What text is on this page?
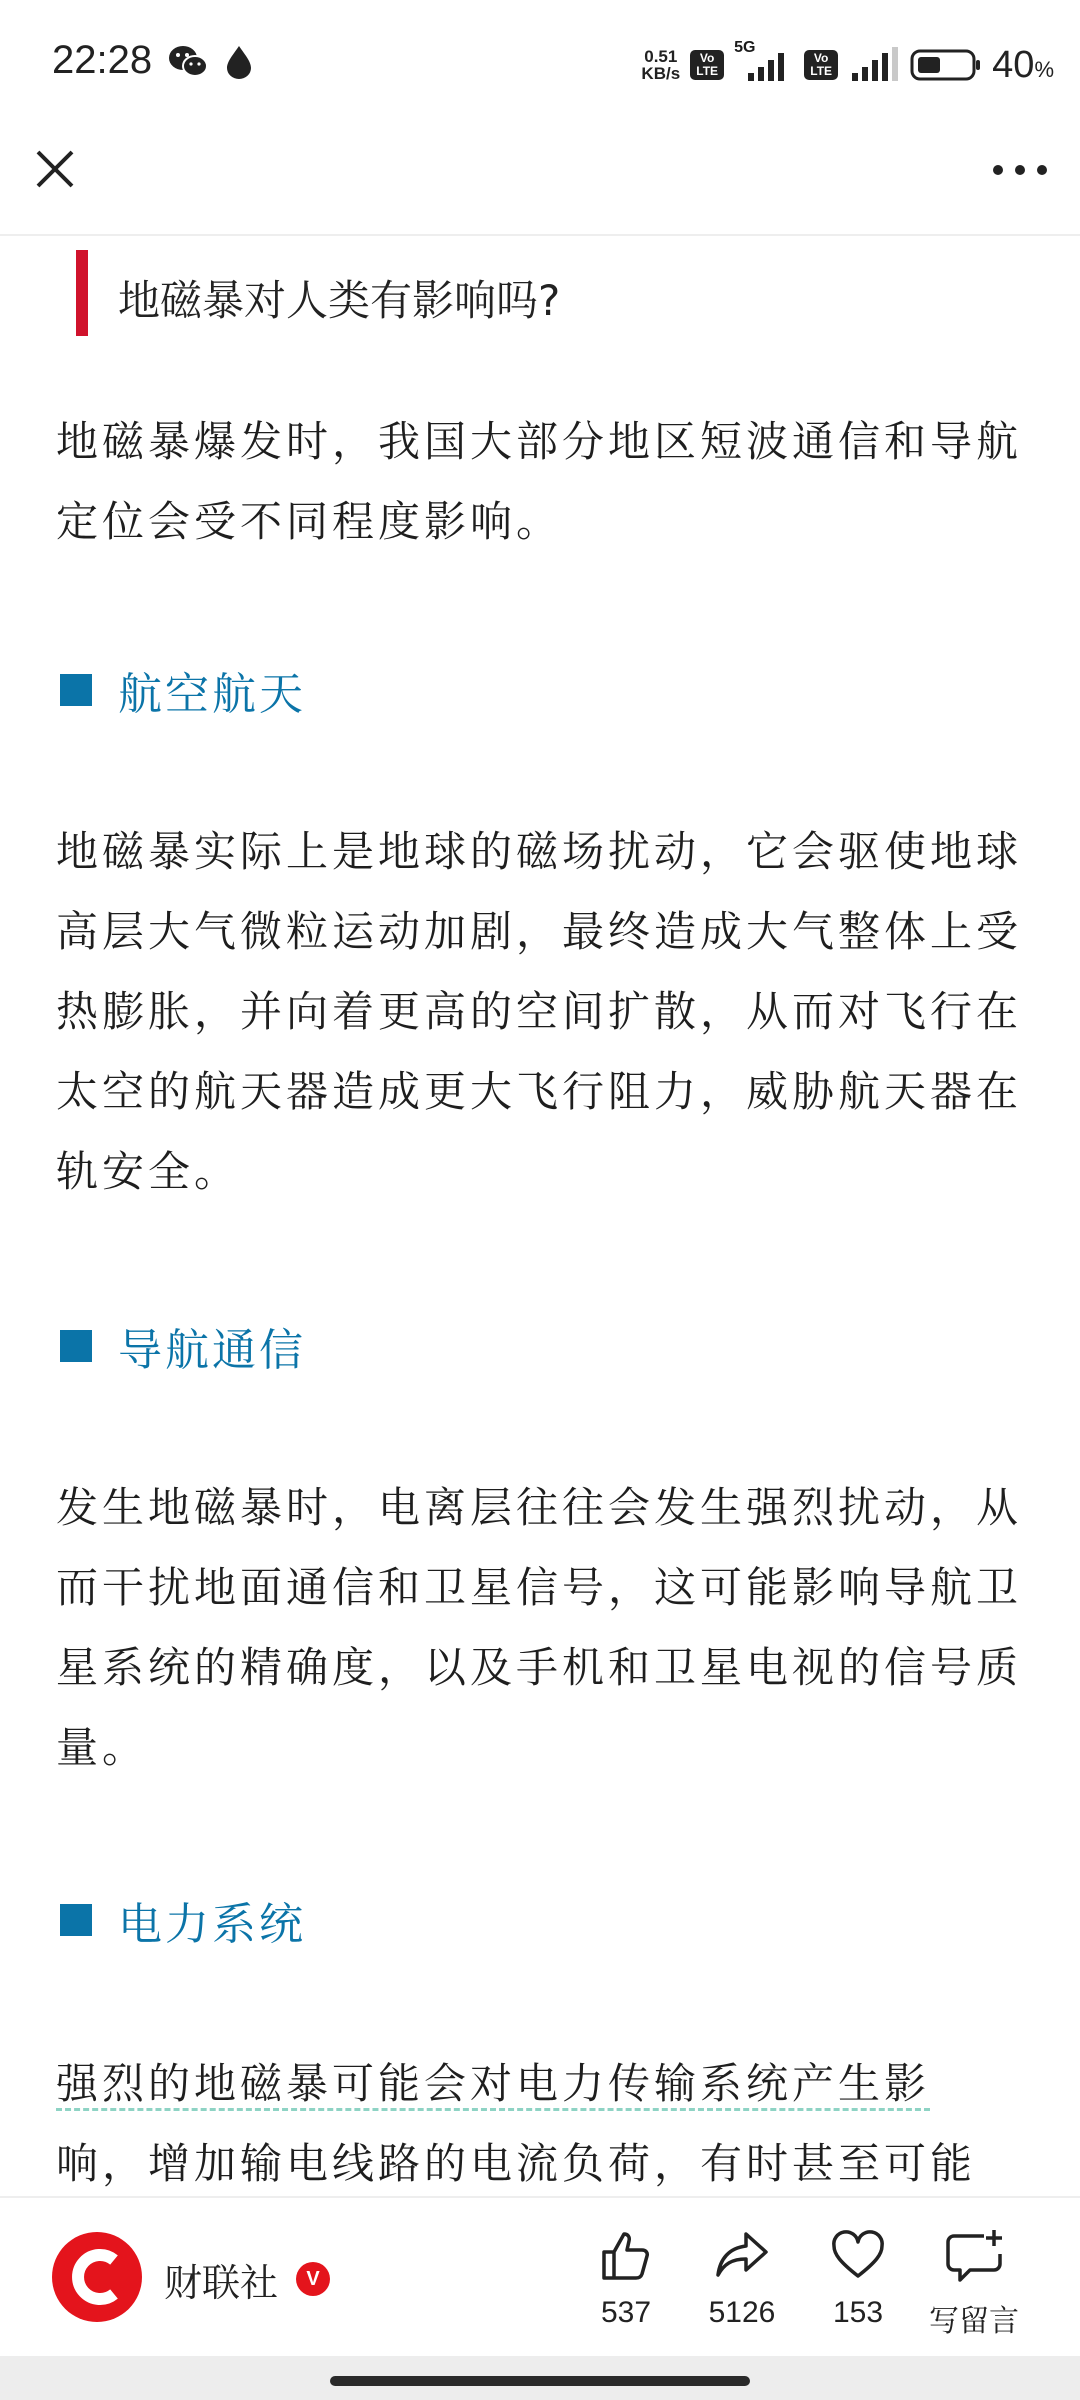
22:28	0.51
KB/s
Vo
LTE
5G
Vo
LTE	40%
地磁暴对人类有影响吗?

地磁暴爆发时，我国大部分地区短波通信和导航定位会受不同程度影响。

航空航天

地磁暴实际上是地球的磁场扰动，它会驱使地球高层大气微粒运动加剧，最终造成大气整体上受热膨胀，并向着更高的空间扩散，从而对飞行在太空的航天器造成更大飞行阻力，威胁航天器在轨安全。

导航通信

发生地磁暴时，电离层往往会发生强烈扰动，从而干扰地面通信和卫星信号，这可能影响导航卫星系统的精确度，以及手机和卫星电视的信号质量。

电力系统
强烈的地磁暴可能会对电力传输系统产生影
响，增加输电线路的电流负荷，有时甚至可能
财联社	V
537	5126	153	写留言
